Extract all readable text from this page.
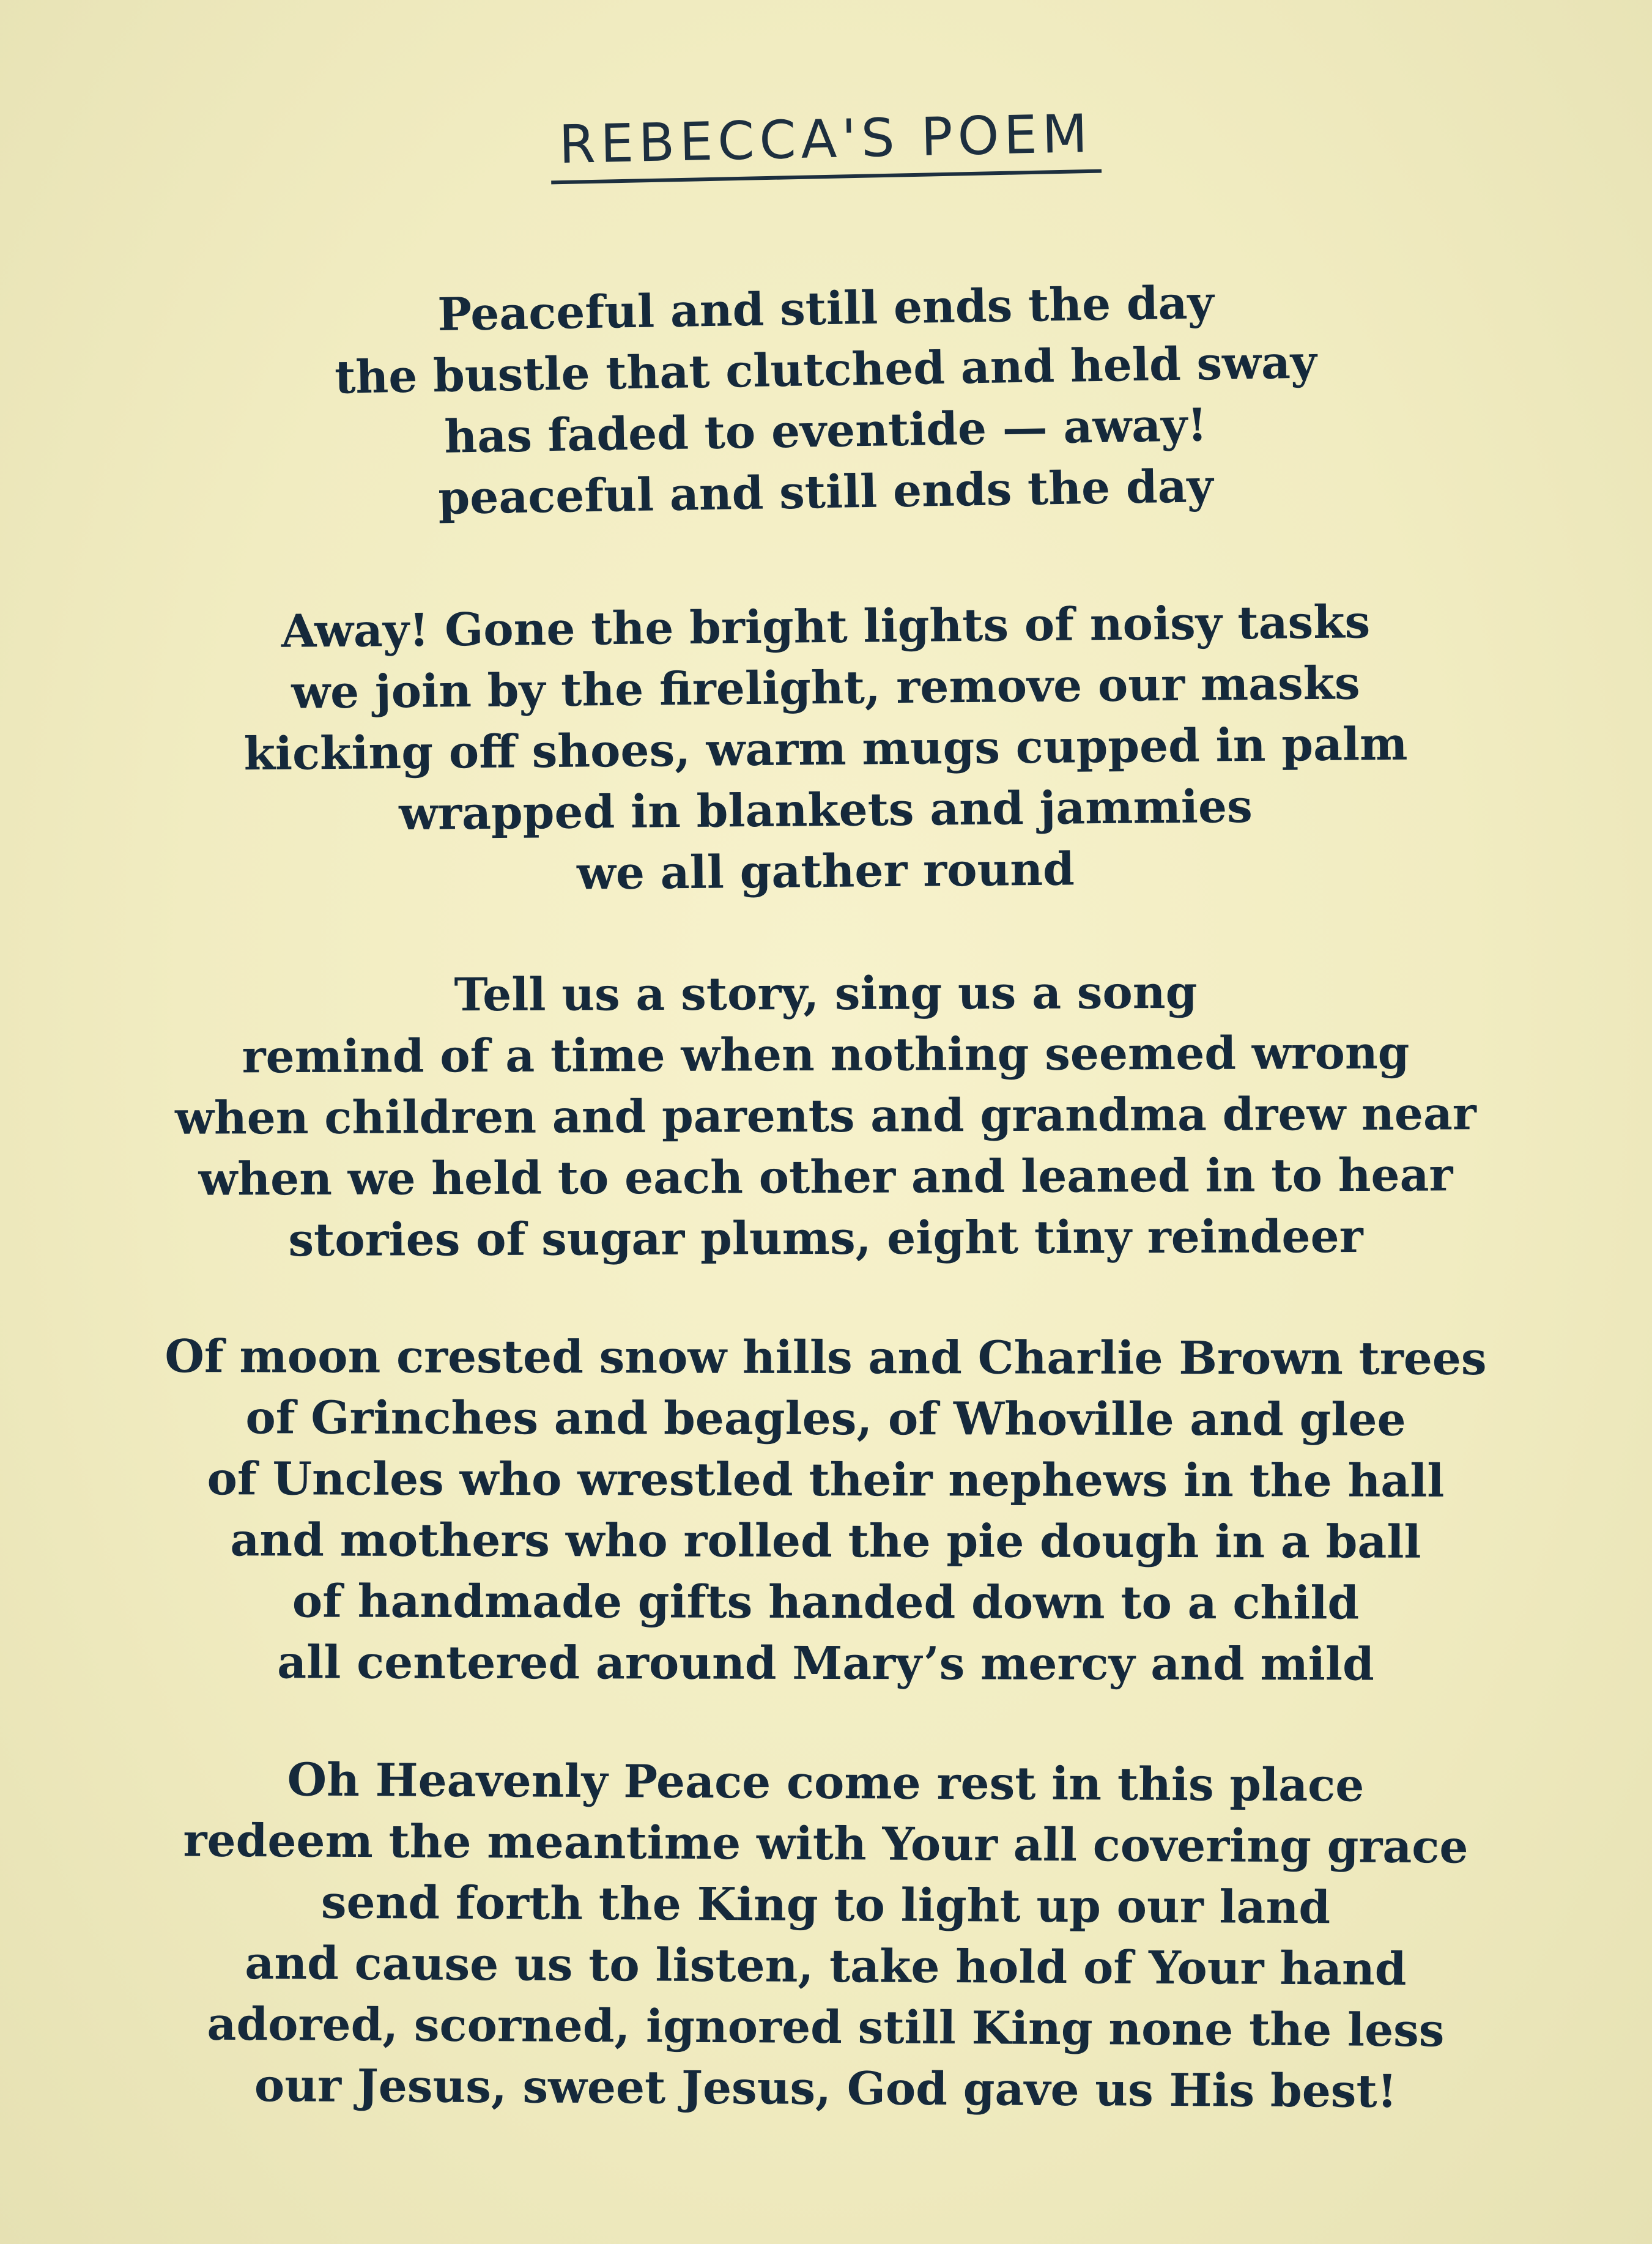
REBECCA'S POEM
Peaceful and still ends the day
the bustle that clutched and held sway
has faded to eventide — away!
peaceful and still ends the day
Away! Gone the bright lights of noisy tasks
we join by the firelight, remove our masks
kicking off shoes, warm mugs cupped in palm
wrapped in blankets and jammies
we all gather round
Tell us a story, sing us a song
remind of a time when nothing seemed wrong
when children and parents and grandma drew near
when we held to each other and leaned in to hear
stories of sugar plums, eight tiny reindeer
Of moon crested snow hills and Charlie Brown trees
of Grinches and beagles, of Whoville and glee
of Uncles who wrestled their nephews in the hall
and mothers who rolled the pie dough in a ball
of handmade gifts handed down to a child
all centered around Mary’s mercy and mild
Oh Heavenly Peace come rest in this place
redeem the meantime with Your all covering grace
send forth the King to light up our land
and cause us to listen, take hold of Your hand
adored, scorned, ignored still King none the less
our Jesus, sweet Jesus, God gave us His best!
